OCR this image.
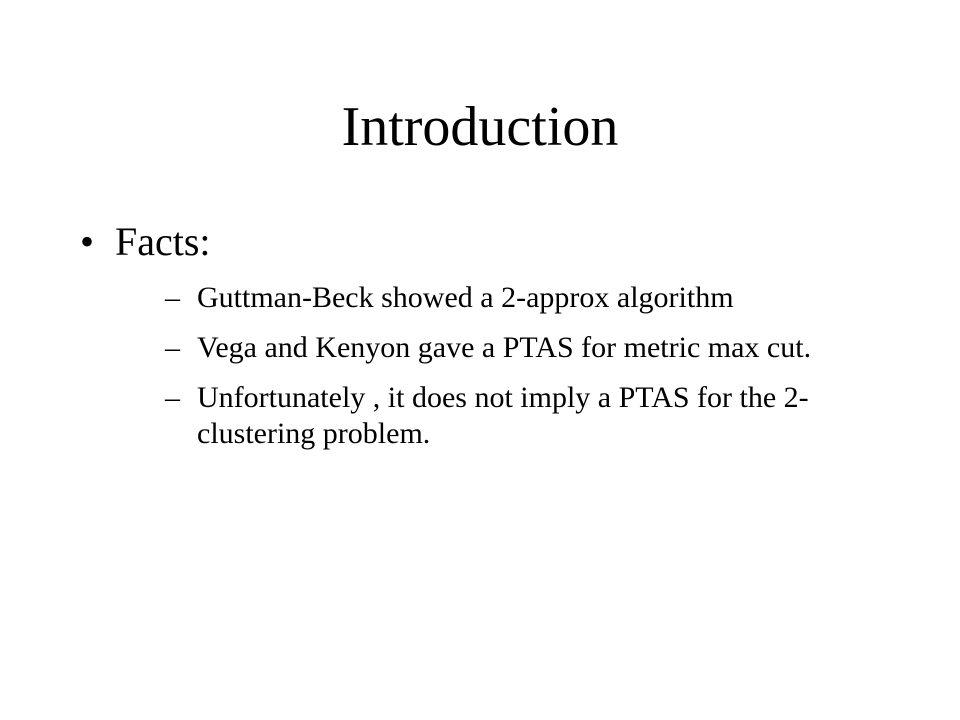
Introduction
• Facts:
– Guttman-Beck showed a 2-approx algorithm
– Vega and Kenyon gave a PTAS for metric max cut.
– Unfortunately , it does not imply a PTAS for the 2-clustering problem.
